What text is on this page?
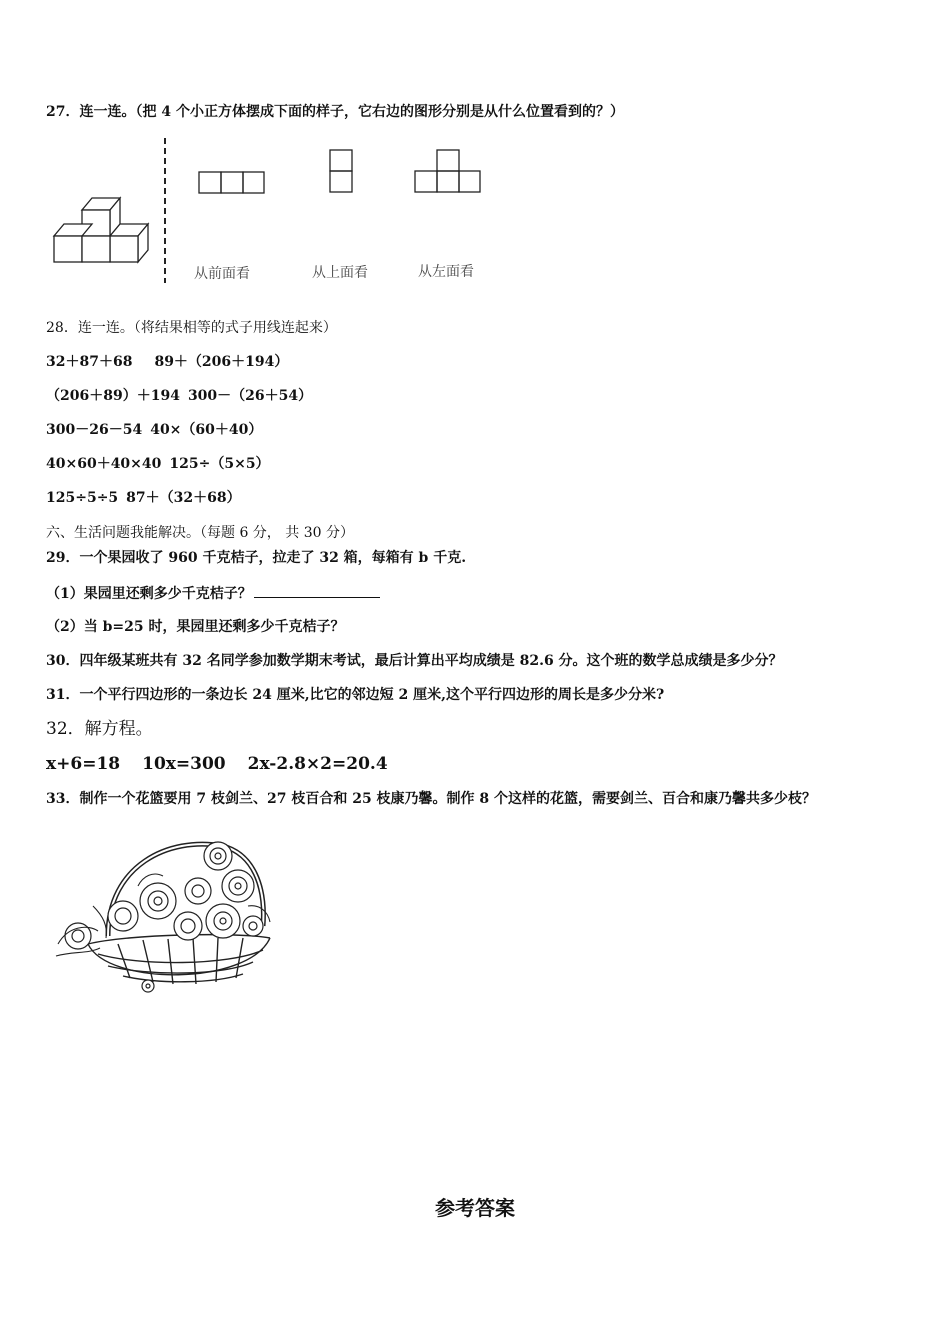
27．连一连。（把 4 个小正方体摆成下面的样子，它右边的图形分别是从什么位置看到的？）
从前面看	从上面看	从左面看
28．连一连。（将结果相等的式子用线连起来）
32＋87＋68 89＋（206＋194）
（206＋89）＋194 300－（26＋54）
300－26－54 40×（60＋40）
40×60＋40×40 125÷（5×5）
125÷5÷5 87＋（32＋68）
六、生活问题我能解决。（每题 6 分， 共 30 分）
29．一个果园收了 960 千克桔子，拉走了 32 箱，每箱有 b 千克.
（1）果园里还剩多少千克桔子？
（2）当 b=25 时，果园里还剩多少千克桔子？
30．四年级某班共有 32 名同学参加数学期末考试，最后计算出平均成绩是 82.6 分。这个班的数学总成绩是多少分？
31．一个平行四边形的一条边长 24 厘米,比它的邻边短 2 厘米,这个平行四边形的周长是多少分米?
32．解方程。
x+6=18 10x=300 2x-2.8×2=20.4
33．制作一个花篮要用 7 枝剑兰、27 枝百合和 25 枝康乃馨。制作 8 个这样的花篮，需要剑兰、百合和康乃馨共多少枝？
参考答案
